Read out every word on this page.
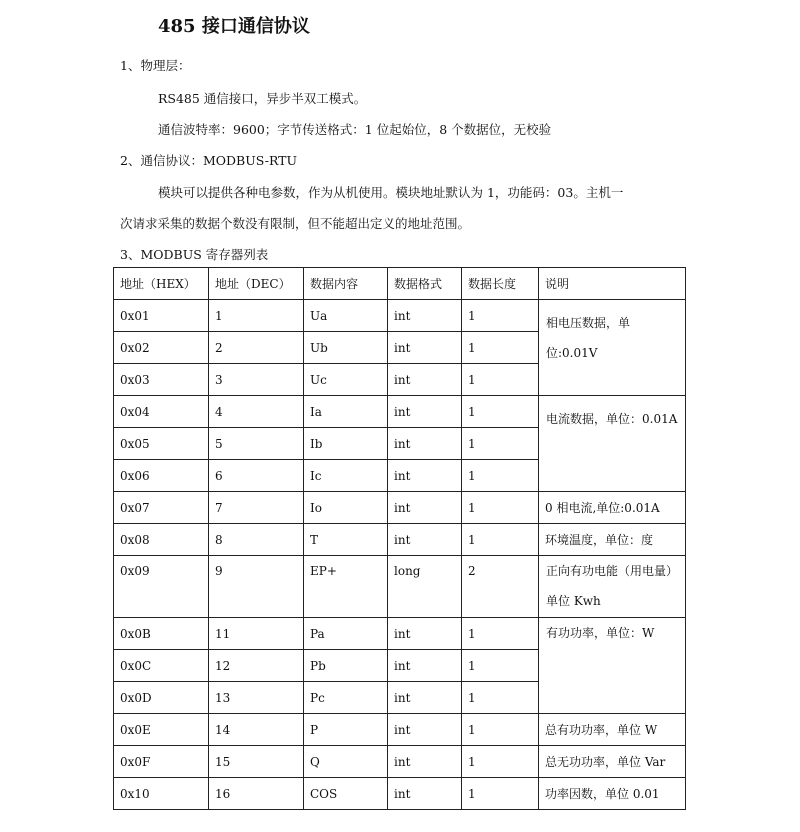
485 接口通信协议
1、物理层：
RS485 通信接口，异步半双工模式。
通信波特率：9600；字节传送格式：1 位起始位，8 个数据位，无校验
2、通信协议：MODBUS-RTU
模块可以提供各种电参数，作为从机使用。模块地址默认为 1，功能码：03。主机一
次请求采集的数据个数没有限制，但不能超出定义的地址范围。
3、MODBUS 寄存器列表
地址（HEX）	地址（DEC）	数据内容	数据格式	数据长度	说明
0x01	1	Ua	int	1	相电压数据，单位:0.01V
0x02	2	Ub	int	1	
0x03	3	Uc	int	1	
0x04	4	Ia	int	1	电流数据，单位：0.01A
0x05	5	Ib	int	1	
0x06	6	Ic	int	1	
0x07	7	Io	int	1	0 相电流,单位:0.01A
0x08	8	T	int	1	环境温度，单位：度
0x09	9	EP+	long	2	正向有功电能（用电量）单位 Kwh
0x0B	11	Pa	int	1	有功功率，单位：W
0x0C	12	Pb	int	1	
0x0D	13	Pc	int	1	
0x0E	14	P	int	1	总有功功率，单位 W
0x0F	15	Q	int	1	总无功功率，单位 Var
0x10	16	COS	int	1	功率因数，单位 0.01
